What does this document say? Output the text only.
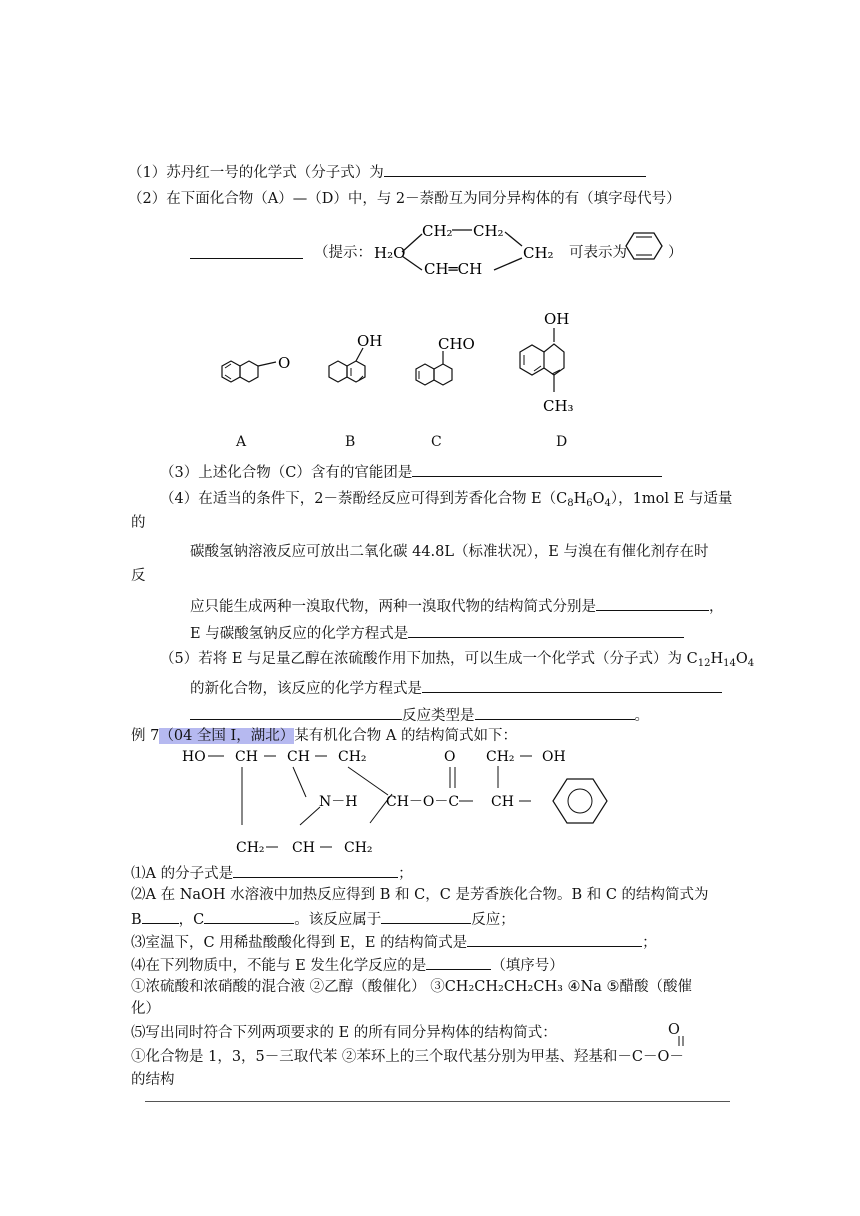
（1）苏丹红一号的化学式（分子式）为
（2）在下面化合物（A）—（D）中，与 2－萘酚互为同分异构体的有（填字母代号）
（提示： H₂O
CH₂ CH₂
CH═CH
CH₂ 可表示为	）
O
OH	CHO
OH
CH₃
A	B	C	D
（3）上述化合物（C）含有的官能团是
（4）在适当的条件下，2－萘酚经反应可得到芳香化合物 $E(C_8H_6O_4)$，1mol E 与适量
的
碳酸氢钠溶液反应可放出二氧化碳 44.8L（标准状况），E 与溴在有催化剂存在时
反
应只能生成两种一溴取代物，两种一溴取代物的结构简式分别是	，
E 与碳酸氢钠反应的化学方程式是
（5）若将 E 与足量乙醇在浓硫酸作用下加热，可以生成一个化学式（分子式）为 $C_{12}H_{14}O_4$
的新化合物，该反应的化学方程式是
反应类型是	。
例 7（04 全国 I，湖北）某有机化合物 A 的结构简式如下：
HO CH CH CH₂	O CH₂ OH
N－H CH－O－C CH
CH₂ CH CH₂
⑴A 的分子式是	；
⑵A 在 NaOH 水溶液中加热反应得到 B 和 C，C 是芳香族化合物。B 和 C 的结构简式为
B	，C	。该反应属于	反应；
⑶室温下，C 用稀盐酸酸化得到 E，E 的结构简式是	；
⑷在下列物质中，不能与 E 发生化学反应的是	（填序号）
①浓硫酸和浓硝酸的混合液 ②乙醇（酸催化） ③CH₂CH₂CH₂CH₃ ④Na ⑤醋酸（酸催
化）
⑸写出同时符合下列两项要求的 E 的所有同分异构体的结构简式：	O
①化合物是 1，3，5－三取代苯 ②苯环上的三个取代基分别为甲基、羟基和－C－O－
的结构
